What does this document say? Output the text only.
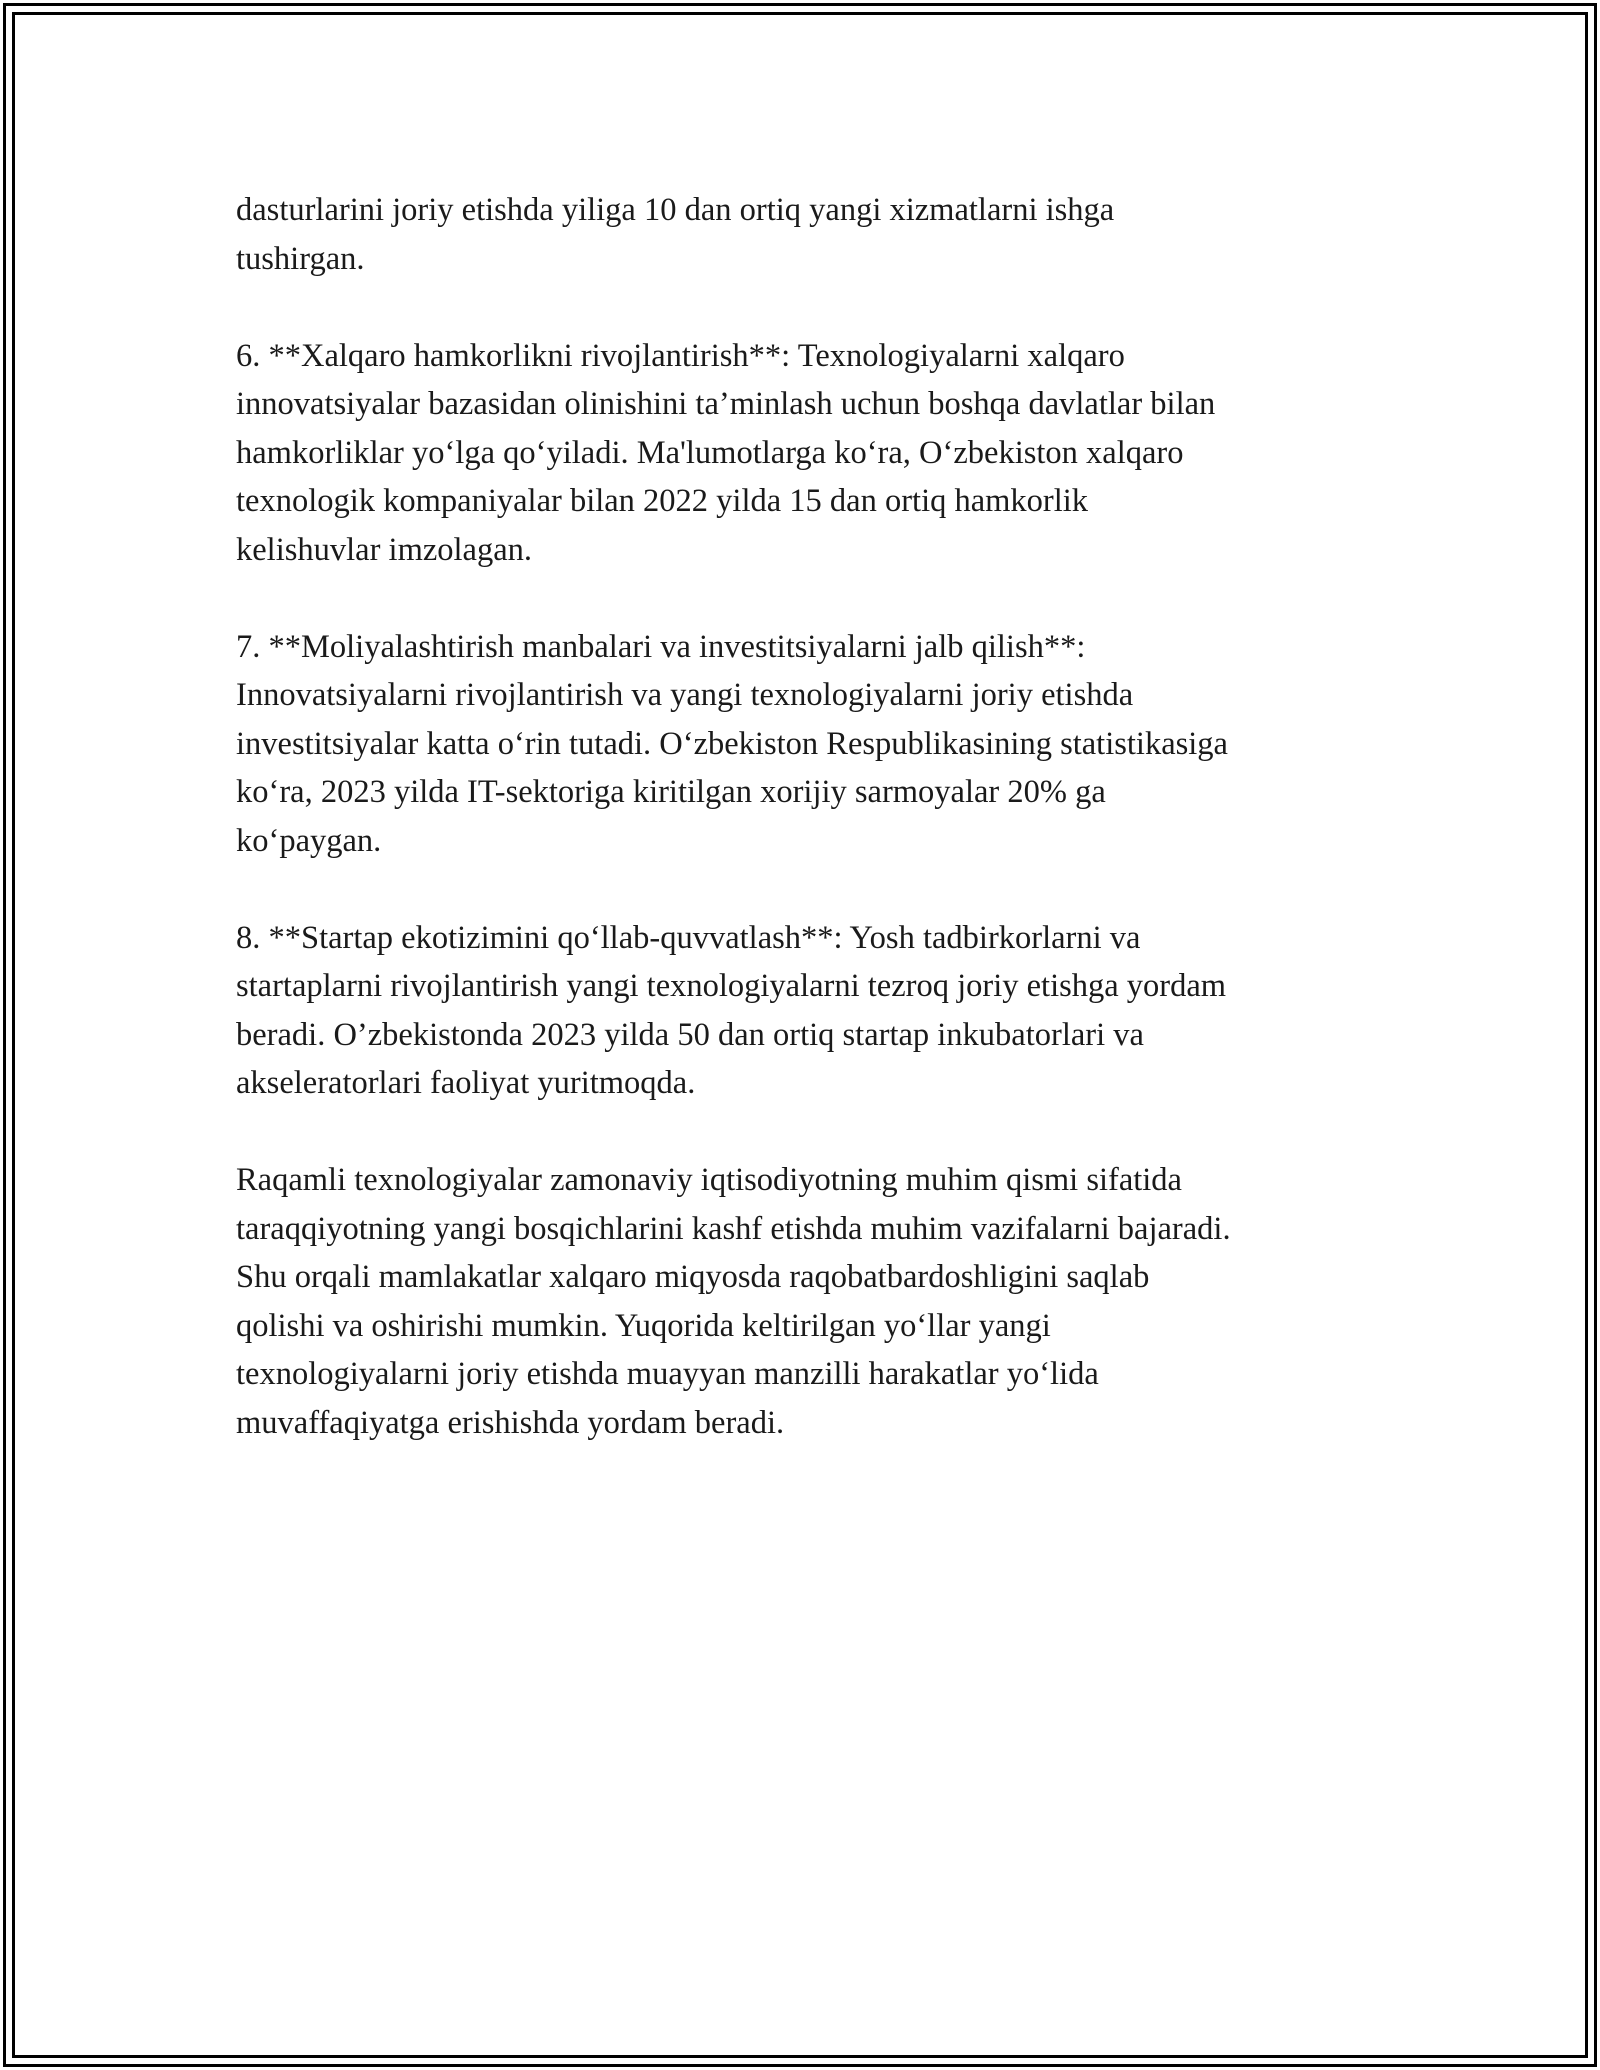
dasturlarini joriy etishda yiliga 10 dan ortiq yangi xizmatlarni ishga
tushirgan.

6. **Xalqaro hamkorlikni rivojlantirish**: Texnologiyalarni xalqaro
innovatsiyalar bazasidan olinishini ta’minlash uchun boshqa davlatlar bilan
hamkorliklar yoʻlga qoʻyiladi. Ma'lumotlarga koʻra, Oʻzbekiston xalqaro
texnologik kompaniyalar bilan 2022 yilda 15 dan ortiq hamkorlik
kelishuvlar imzolagan.

7. **Moliyalashtirish manbalari va investitsiyalarni jalb qilish**:
Innovatsiyalarni rivojlantirish va yangi texnologiyalarni joriy etishda
investitsiyalar katta oʻrin tutadi. Oʻzbekiston Respublikasining statistikasiga
koʻra, 2023 yilda IT-sektoriga kiritilgan xorijiy sarmoyalar 20% ga
koʻpaygan.

8. **Startap ekotizimini qoʻllab-quvvatlash**: Yosh tadbirkorlarni va
startaplarni rivojlantirish yangi texnologiyalarni tezroq joriy etishga yordam
beradi. O’zbekistonda 2023 yilda 50 dan ortiq startap inkubatorlari va
akseleratorlari faoliyat yuritmoqda.

Raqamli texnologiyalar zamonaviy iqtisodiyotning muhim qismi sifatida
taraqqiyotning yangi bosqichlarini kashf etishda muhim vazifalarni bajaradi.
Shu orqali mamlakatlar xalqaro miqyosda raqobatbardoshligini saqlab
qolishi va oshirishi mumkin. Yuqorida keltirilgan yoʻllar yangi
texnologiyalarni joriy etishda muayyan manzilli harakatlar yoʻlida
muvaffaqiyatga erishishda yordam beradi.
